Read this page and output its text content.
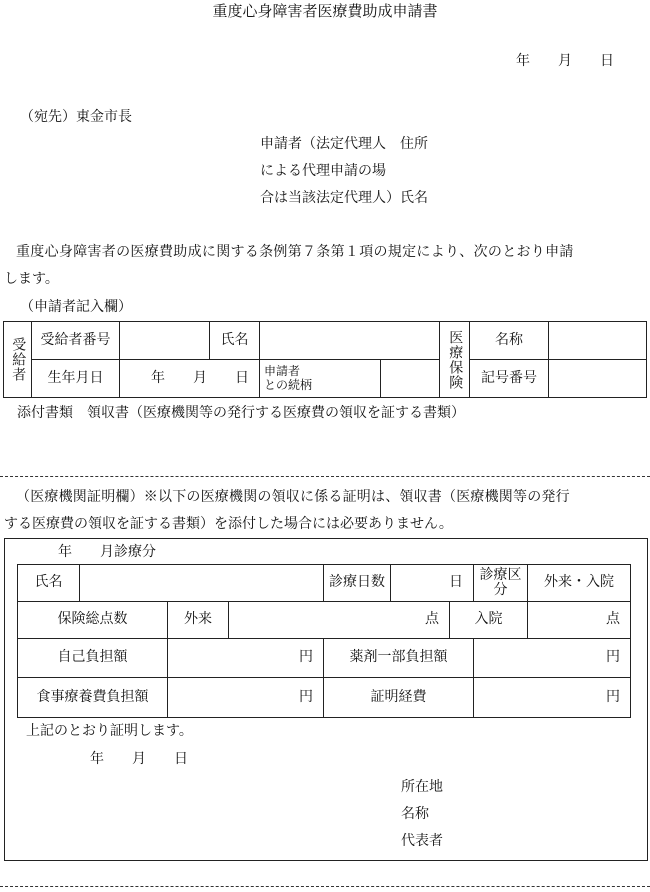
重度心身障害者医療費助成申請書
年　　月　　日
（宛先）東金市長
申請者（法定代理人　住所
による代理申請の場
合は当該法定代理人）氏名
重度心身障害者の医療費助成に関する条例第７条第１項の規定により、次のとおり申請
します。
（申請者記入欄）
受給者	受給者番号		氏名			医療保険	名称	
	生年月日	年　　月　　日		申請者
との続柄			記号番号	
添付書類　領収書（医療機関等の発行する医療費の領収を証する書類）
（医療機関証明欄）※以下の医療機関の領収に係る証明は、領収書（医療機関等の発行
する医療費の領収を証する書類）を添付した場合には必要ありません。
年　　月診療分
氏名				診療日数	日		診療区分	外来・入院
保険総点数		外来	点			入院		点
自己負担額		円		薬剤一部負担額			円	
食事療養費負担額		円		証明経費			円	
上記のとおり証明します。
年　　月　　日
所在地
名称
代表者
